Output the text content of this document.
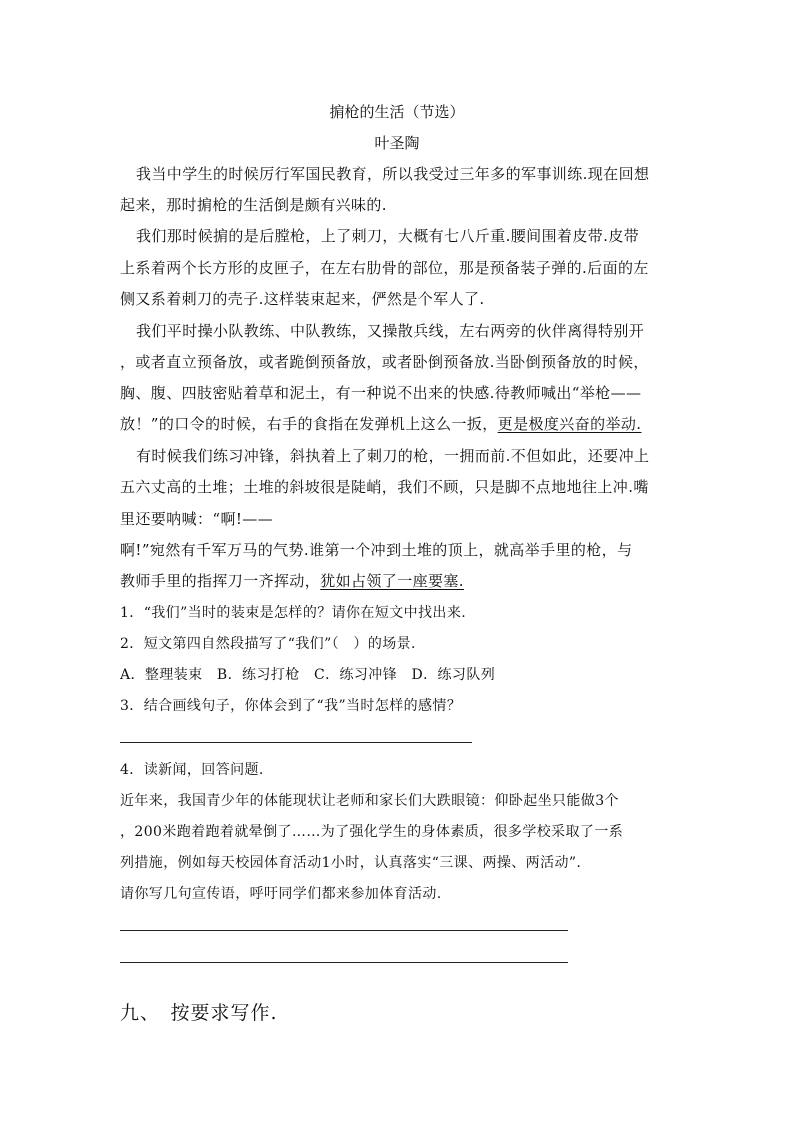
掮枪的生活（节选）
叶圣陶
我当中学生的时候厉行军国民教育，所以我受过三年多的军事训练.现在回想
起来，那时掮枪的生活倒是颇有兴味的.
我们那时候掮的是后膛枪，上了刺刀，大概有七八斤重.腰间围着皮带.皮带
上系着两个长方形的皮匣子，在左右肋骨的部位，那是预备装子弹的.后面的左
侧又系着刺刀的壳子.这样装束起来，俨然是个军人了.
我们平时操小队教练、中队教练，又操散兵线，左右两旁的伙伴离得特别开
，或者直立预备放，或者跪倒预备放，或者卧倒预备放.当卧倒预备放的时候，
胸、腹、四肢密贴着草和泥土，有一种说不出来的快感.待教师喊出“举枪——
放！”的口令的时候，右手的食指在发弹机上这么一扳，更是极度兴奋的举动.
有时候我们练习冲锋，斜执着上了刺刀的枪，一拥而前.不但如此，还要冲上
五六丈高的土堆；土堆的斜坡很是陡峭，我们不顾，只是脚不点地地往上冲.嘴
里还要呐喊：“啊!——
啊!”宛然有千军万马的气势.谁第一个冲到土堆的顶上，就高举手里的枪，与
教师手里的指挥刀一齐挥动，犹如占领了一座要塞.
1．“我们”当时的装束是怎样的？请你在短文中找出来.
2．短文第四自然段描写了“我们”（　）的场景.
A．整理装束　B．练习打枪　C．练习冲锋　D．练习队列
3．结合画线句子，你体会到了“我”当时怎样的感情？
4．读新闻，回答问题.
近年来，我国青少年的体能现状让老师和家长们大跌眼镜：仰卧起坐只能做3个
，200米跑着跑着就晕倒了……为了强化学生的身体素质，很多学校采取了一系
列措施，例如每天校园体育活动1小时，认真落实“三课、两操、两活动”.
请你写几句宣传语，呼吁同学们都来参加体育活动.
九、　按要求写作.
